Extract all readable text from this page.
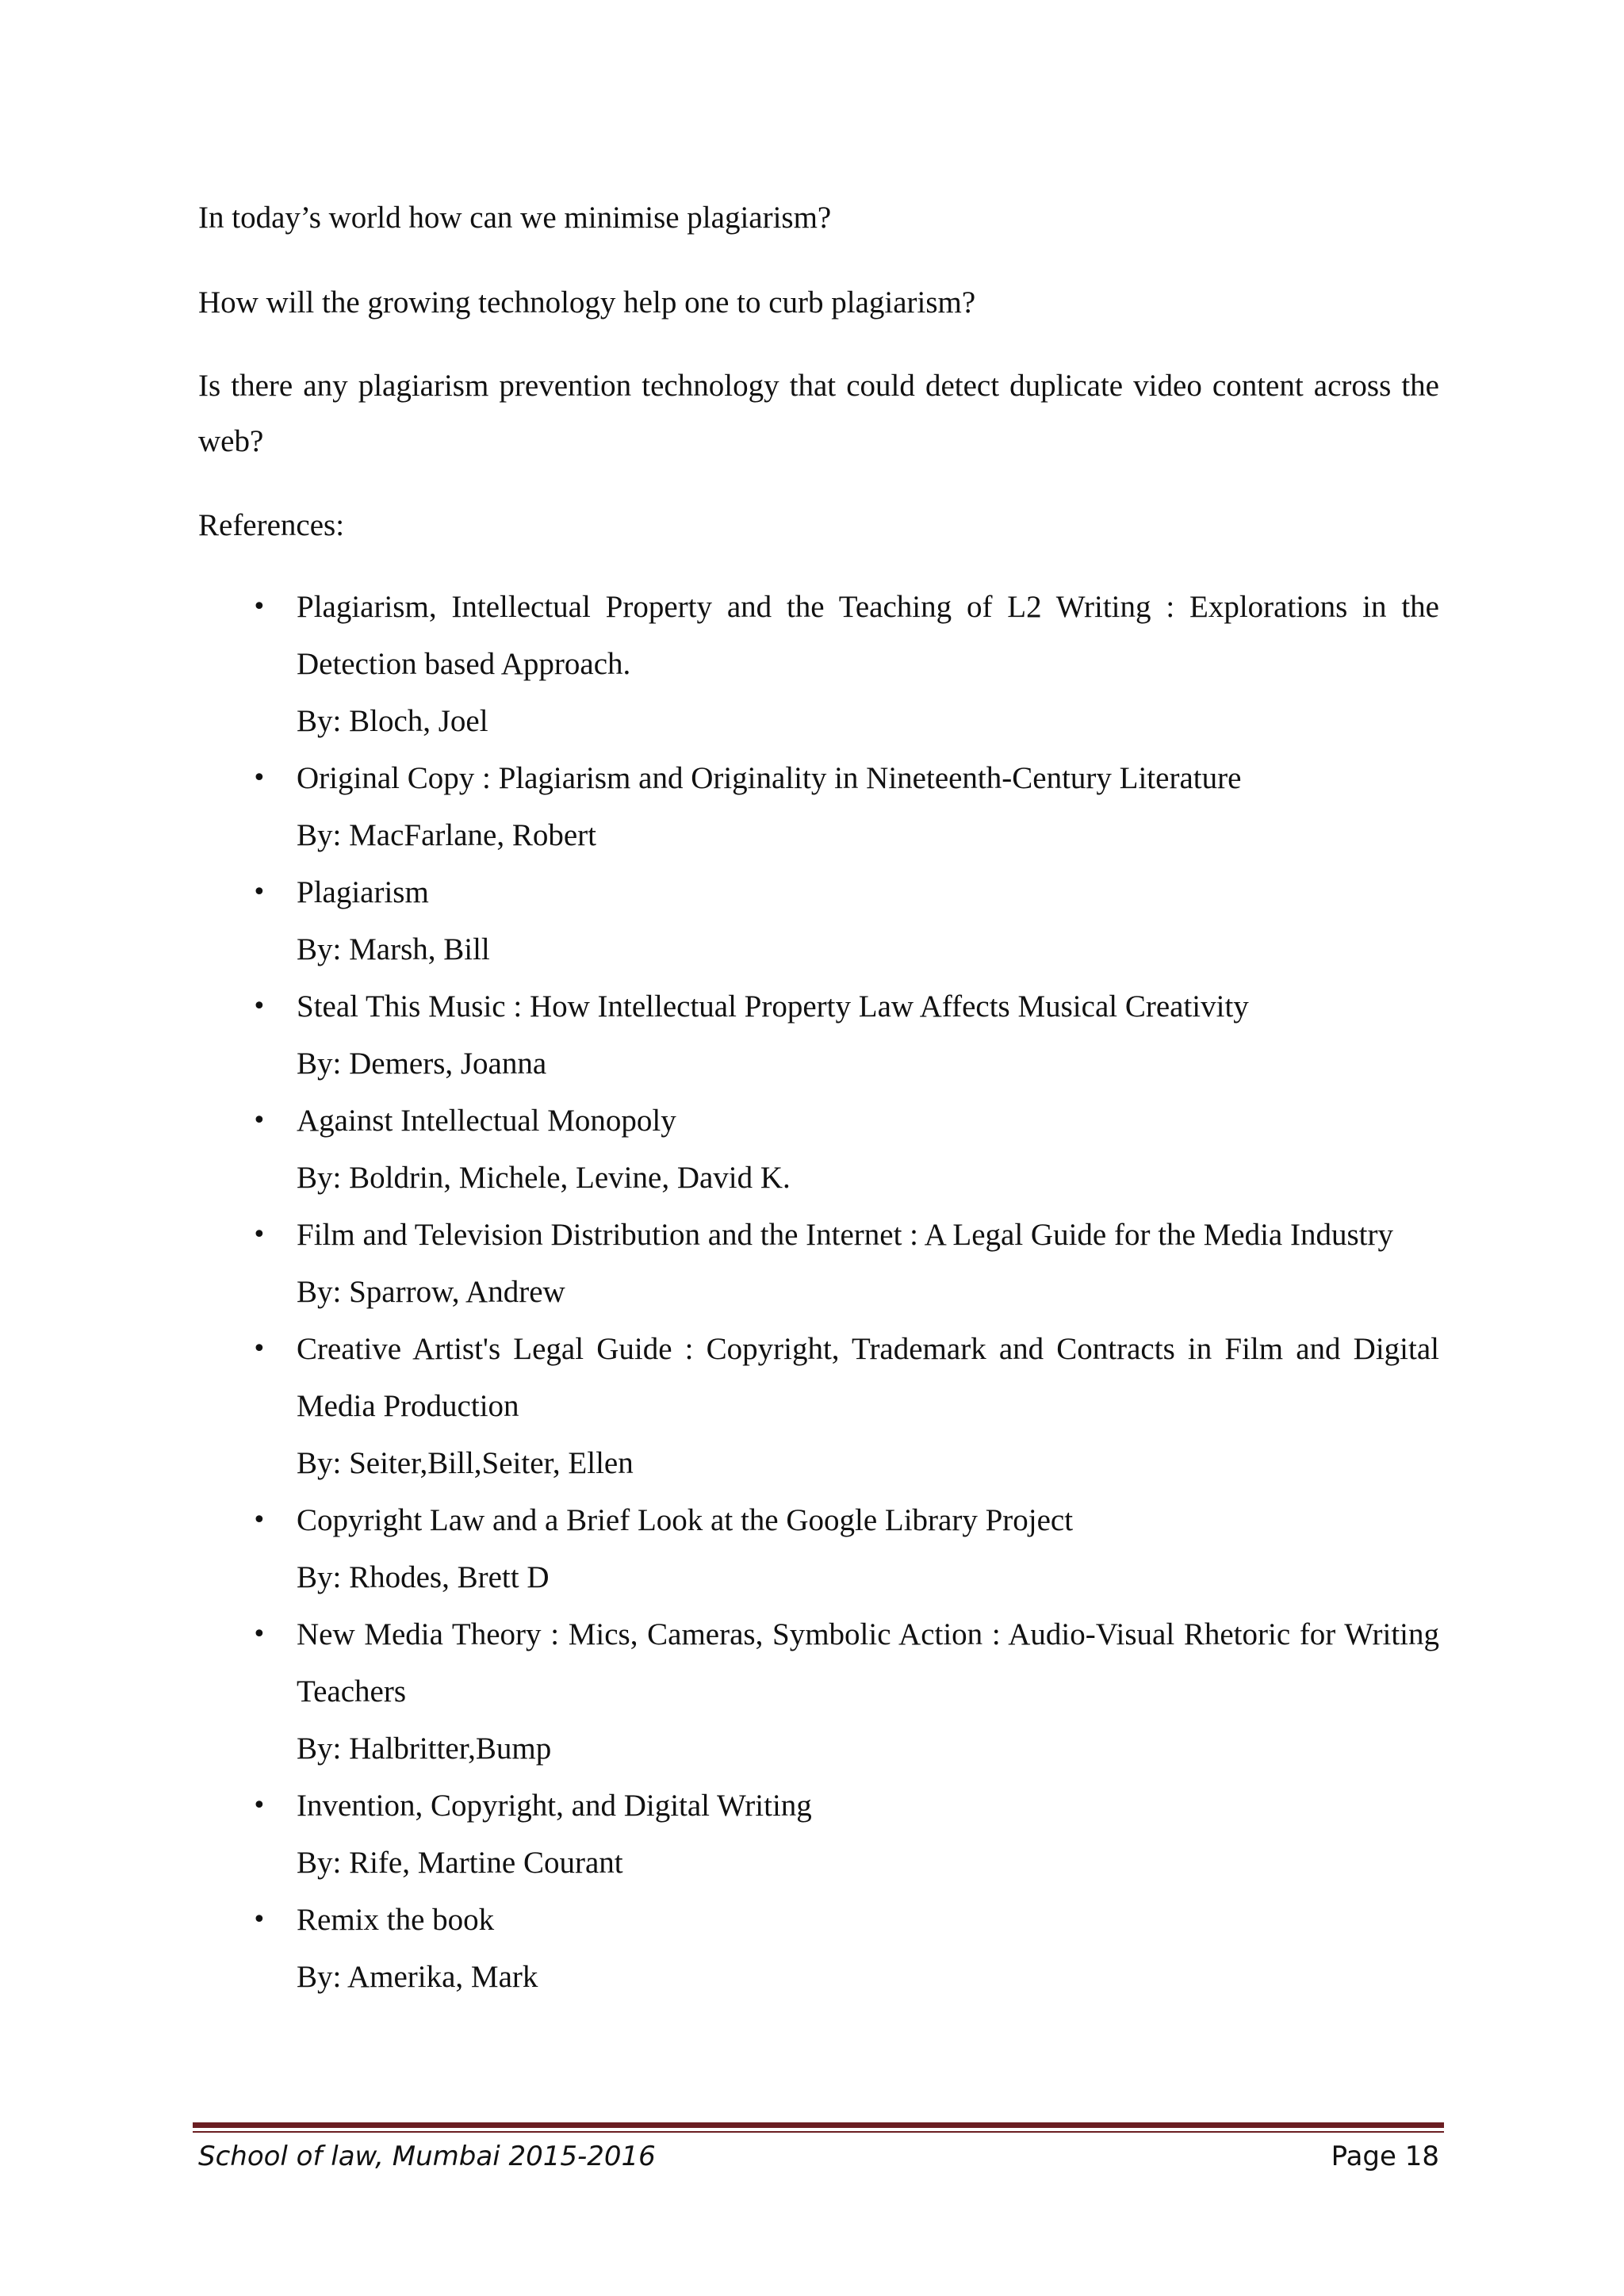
In today’s world how can we minimise plagiarism?

How will the growing technology help one to curb plagiarism?

Is there any plagiarism prevention technology that could detect duplicate video content across the web?

References:

• Plagiarism, Intellectual Property and the Teaching of L2 Writing : Explorations in the Detection based Approach.
By: Bloch, Joel
• Original Copy : Plagiarism and Originality in Nineteenth-Century Literature
By: MacFarlane, Robert
• Plagiarism
By: Marsh, Bill
• Steal This Music : How Intellectual Property Law Affects Musical Creativity
By: Demers, Joanna
• Against Intellectual Monopoly
By: Boldrin, Michele, Levine, David K.
• Film and Television Distribution and the Internet : A Legal Guide for the Media Industry
By: Sparrow, Andrew
• Creative Artist's Legal Guide : Copyright, Trademark and Contracts in Film and Digital Media Production
By: Seiter,Bill,Seiter, Ellen
• Copyright Law and a Brief Look at the Google Library Project
By: Rhodes, Brett D
• New Media Theory : Mics, Cameras, Symbolic Action : Audio-Visual Rhetoric for Writing Teachers
By: Halbritter,Bump
• Invention, Copyright, and Digital Writing
By: Rife, Martine Courant
• Remix the book
By: Amerika, Mark
School of law, Mumbai 2015-2016	Page 18
